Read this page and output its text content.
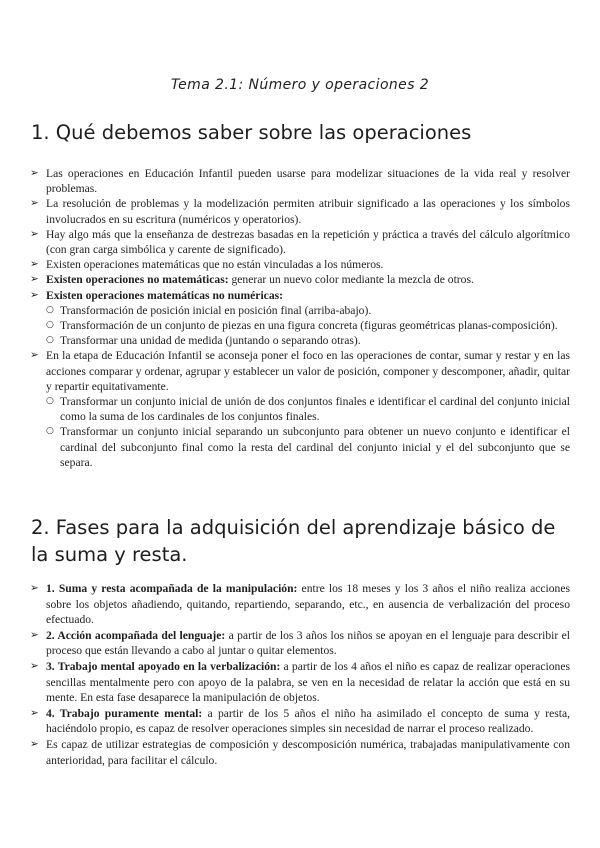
Tema 2.1: Número y operaciones 2
1. Qué debemos saber sobre las operaciones
➢ Las operaciones en Educación Infantil pueden usarse para modelizar situaciones de la vida real y resolver problemas.
➢ La resolución de problemas y la modelización permiten atribuir significado a las operaciones y los símbolos involucrados en su escritura (numéricos y operatorios).
➢ Hay algo más que la enseñanza de destrezas basadas en la repetición y práctica a través del cálculo algorítmico (con gran carga simbólica y carente de significado).
➢ Existen operaciones matemáticas que no están vinculadas a los números.
➢ Existen operaciones no matemáticas: generar un nuevo color mediante la mezcla de otros.
➢ Existen operaciones matemáticas no numéricas:
○ Transformación de posición inicial en posición final (arriba-abajo).
○ Transformación de un conjunto de piezas en una figura concreta (figuras geométricas planas-composición).
○ Transformar una unidad de medida (juntando o separando otras).
➢ En la etapa de Educación Infantil se aconseja poner el foco en las operaciones de contar, sumar y restar y en las acciones comparar y ordenar, agrupar y establecer un valor de posición, componer y descomponer, añadir, quitar y repartir equitativamente.
○ Transformar un conjunto inicial de unión de dos conjuntos finales e identificar el cardinal del conjunto inicial como la suma de los cardinales de los conjuntos finales.
○ Transformar un conjunto inicial separando un subconjunto para obtener un nuevo conjunto e identificar el cardinal del subconjunto final como la resta del cardinal del conjunto inicial y el del subconjunto que se separa.
2. Fases para la adquisición del aprendizaje básico de la suma y resta.
➢ 1. Suma y resta acompañada de la manipulación: entre los 18 meses y los 3 años el niño realiza acciones sobre los objetos añadiendo, quitando, repartiendo, separando, etc., en ausencia de verbalización del proceso efectuado.
➢ 2. Acción acompañada del lenguaje: a partir de los 3 años los niños se apoyan en el lenguaje para describir el proceso que están llevando a cabo al juntar o quitar elementos.
➢ 3. Trabajo mental apoyado en la verbalización: a partir de los 4 años el niño es capaz de realizar operaciones sencillas mentalmente pero con apoyo de la palabra, se ven en la necesidad de relatar la acción que está en su mente. En esta fase desaparece la manipulación de objetos.
➢ 4. Trabajo puramente mental: a partir de los 5 años el niño ha asimilado el concepto de suma y resta, haciéndolo propio, es capaz de resolver operaciones simples sin necesidad de narrar el proceso realizado.
➢ Es capaz de utilizar estrategias de composición y descomposición numérica, trabajadas manipulativamente con anterioridad, para facilitar el cálculo.
